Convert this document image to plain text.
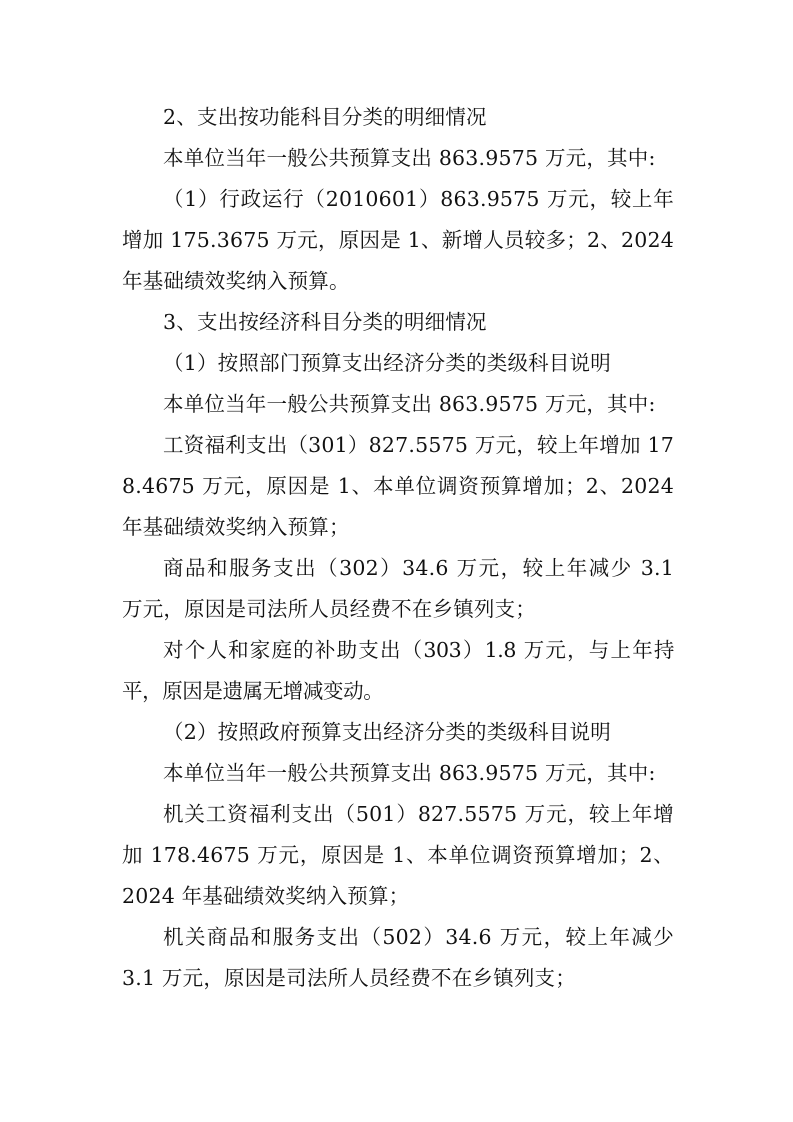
2、支出按功能科目分类的明细情况

本单位当年一般公共预算支出 863.9575 万元，其中:

（1）行政运行（2010601）863.9575 万元，较上年增加 175.3675 万元，原因是 1、新增人员较多；2、2024 年基础绩效奖纳入预算。

3、支出按经济科目分类的明细情况

（1）按照部门预算支出经济分类的类级科目说明

本单位当年一般公共预算支出 863.9575 万元，其中:

工资福利支出（301）827.5575 万元，较上年增加 178.4675 万元，原因是 1、本单位调资预算增加；2、2024 年基础绩效奖纳入预算；

商品和服务支出（302）34.6 万元，较上年减少 3.1 万元，原因是司法所人员经费不在乡镇列支；

对个人和家庭的补助支出（303）1.8 万元，与上年持平，原因是遗属无增减变动。

（2）按照政府预算支出经济分类的类级科目说明

本单位当年一般公共预算支出 863.9575 万元，其中:

机关工资福利支出（501）827.5575 万元，较上年增加 178.4675 万元，原因是 1、本单位调资预算增加；2、2024 年基础绩效奖纳入预算；

机关商品和服务支出（502）34.6 万元，较上年减少 3.1 万元，原因是司法所人员经费不在乡镇列支；
